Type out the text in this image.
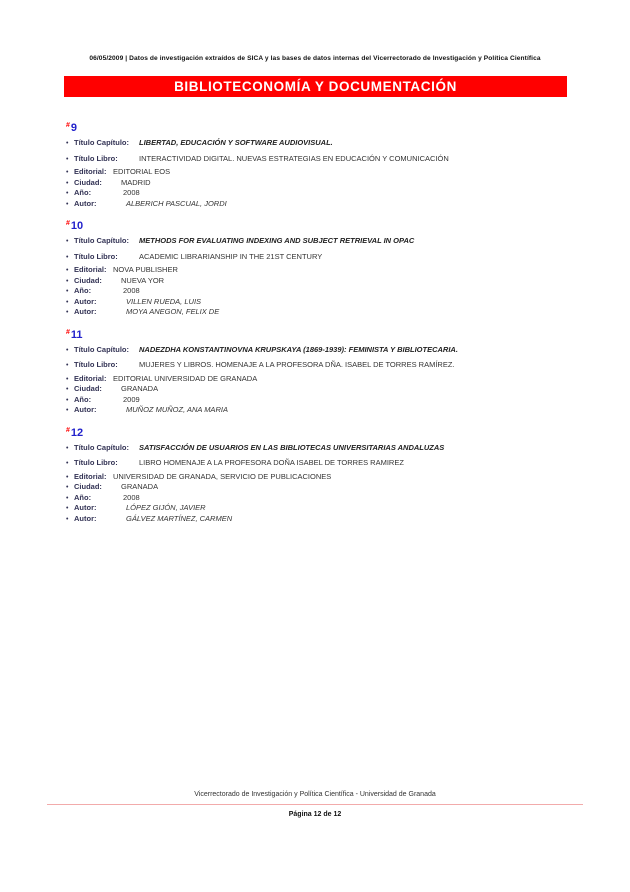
06/05/2009 | Datos de investigación extraídos de SICA y las bases de datos internas del Vicerrectorado de Investigación y Política Científica
BIBLIOTECONOMÍA Y DOCUMENTACIÓN
#9
• Título Capítulo:	LIBERTAD, EDUCACIÓN Y SOFTWARE AUDIOVISUAL.
• Título Libro:	INTERACTIVIDAD DIGITAL. NUEVAS ESTRATEGIAS EN EDUCACIÓN Y COMUNICACIÓN
• Editorial: EDITORIAL EOS
• Ciudad:	MADRID
• Año:	2008
• Autor:	ALBERICH PASCUAL, JORDI
#10
• Título Capítulo:	METHODS FOR EVALUATING INDEXING AND SUBJECT RETRIEVAL IN OPAC
• Título Libro:	ACADEMIC LIBRARIANSHIP IN THE 21ST CENTURY
• Editorial: NOVA PUBLISHER
• Ciudad:	NUEVA YOR
• Año:	2008
• Autor:	VILLEN RUEDA, LUIS
• Autor:	MOYA ANEGON, FELIX DE
#11
• Título Capítulo:	NADEZDHA KONSTANTINOVNA KRUPSKAYA (1869-1939): FEMINISTA Y BIBLIOTECARIA.
• Título Libro:	MUJERES Y LIBROS. HOMENAJE A LA PROFESORA DÑA. ISABEL DE TORRES RAMÍREZ.
• Editorial: EDITORIAL UNIVERSIDAD DE GRANADA
• Ciudad:	GRANADA
• Año:	2009
• Autor:	MUÑOZ MUÑOZ, ANA MARIA
#12
• Título Capítulo:	SATISFACCIÓN DE USUARIOS EN LAS BIBLIOTECAS UNIVERSITARIAS ANDALUZAS
• Título Libro:	LIBRO HOMENAJE A LA PROFESORA DOÑA ISABEL DE TORRES RAMIREZ
• Editorial: UNIVERSIDAD DE GRANADA, SERVICIO DE PUBLICACIONES
• Ciudad:	GRANADA
• Año:	2008
• Autor:	LÓPEZ GIJÓN, JAVIER
• Autor:	GÁLVEZ MARTÍNEZ, CARMEN
Vicerrectorado de Investigación y Política Científica - Universidad de Granada
Página 12 de 12
